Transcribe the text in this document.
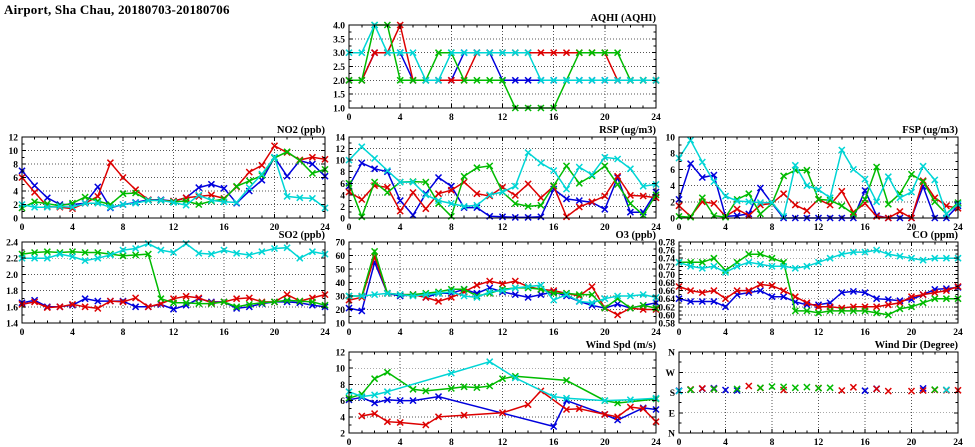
Airport, Sha Chau, 20180703-20180706
0	4	8	12	16	20	24
1.0
1.5
2.0
2.5
3.0
3.5
4.0
AQHI (AQHI)
0	4	8	12	16	20	24
0
2
4
6
8
10
12
NO2 (ppb)
0	4	8	12	16	20	24
0
2
4
6
8
10
12
14
RSP (ug/m3)
0	4	8	12	16	20	24
0
2
4
6
8
10
FSP (ug/m3)
0	4	8	12	16	20	24
1.4
1.6
1.8
2.0
2.2
2.4
SO2 (ppb)
0	4	8	12	16	20	24
10
20
30
40
50
60
70
O3 (ppb)
0	4	8	12	16	20	24
0.58
0.60
0.62
0.64
0.66
0.68
0.70
0.72
0.74
0.76
0.78
CO (ppm)
0	4	8	12	16	20	24
2
4
6
8
10
12
Wind Spd (m/s)
0	4	8	12	16	20	24
N
E
S
W
N
Wind Dir (Degree)
